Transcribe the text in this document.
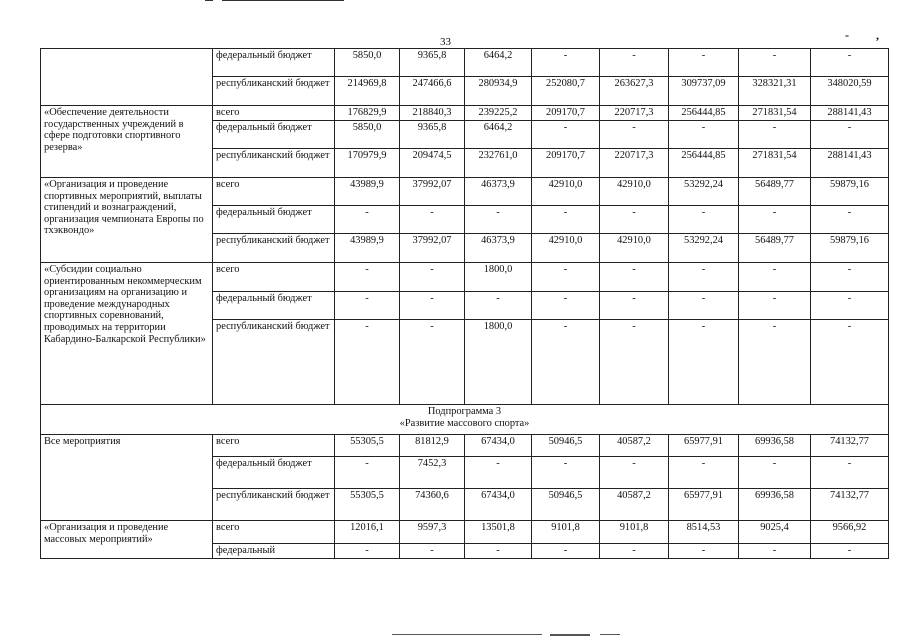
33	- ,
	федеральный бюджет	5850,0	9365,8	6464,2	-	-	-	-	-
	республиканский бюджет	214969,8	247466,6	280934,9	252080,7	263627,3	309737,09	328321,31	348020,59
«Обеспечение деятельности государственных учреждений в сфере подготовки спортивного резерва»	всего	176829,9	218840,3	239225,2	209170,7	220717,3	256444,85	271831,54	288141,43
	федеральный бюджет	5850,0	9365,8	6464,2	-	-	-	-	-
	республиканский бюджет	170979,9	209474,5	232761,0	209170,7	220717,3	256444,85	271831,54	288141,43
«Организация и проведение спортивных мероприятий, выплаты стипендий и вознаграждений, организация чемпионата Европы по тхэквондо»	всего	43989,9	37992,07	46373,9	42910,0	42910,0	53292,24	56489,77	59879,16
	федеральный бюджет	-	-	-	-	-	-	-	-
	республиканский бюджет	43989,9	37992,07	46373,9	42910,0	42910,0	53292,24	56489,77	59879,16
«Субсидии социально ориентированным некоммерческим организациям на организацию и проведение международных спортивных соревнований, проводимых на территории Кабардино-Балкарской Республики»	всего	-	-	1800,0	-	-	-	-	-
	федеральный бюджет	-	-	-	-	-	-	-	-
	республиканский бюджет	-	-	1800,0	-	-	-	-	-

Подпрограмма 3
«Развитие массового спорта»									

Все мероприятия	всего	55305,5	81812,9	67434,0	50946,5	40587,2	65977,91	69936,58	74132,77
	федеральный бюджет	-	7452,3	-	-	-	-	-	-
	республиканский бюджет	55305,5	74360,6	67434,0	50946,5	40587,2	65977,91	69936,58	74132,77
«Организация и проведение массовых мероприятий»	всего	12016,1	9597,3	13501,8	9101,8	9101,8	8514,53	9025,4	9566,92
	федеральный	-	-	-	-	-	-	-	-
